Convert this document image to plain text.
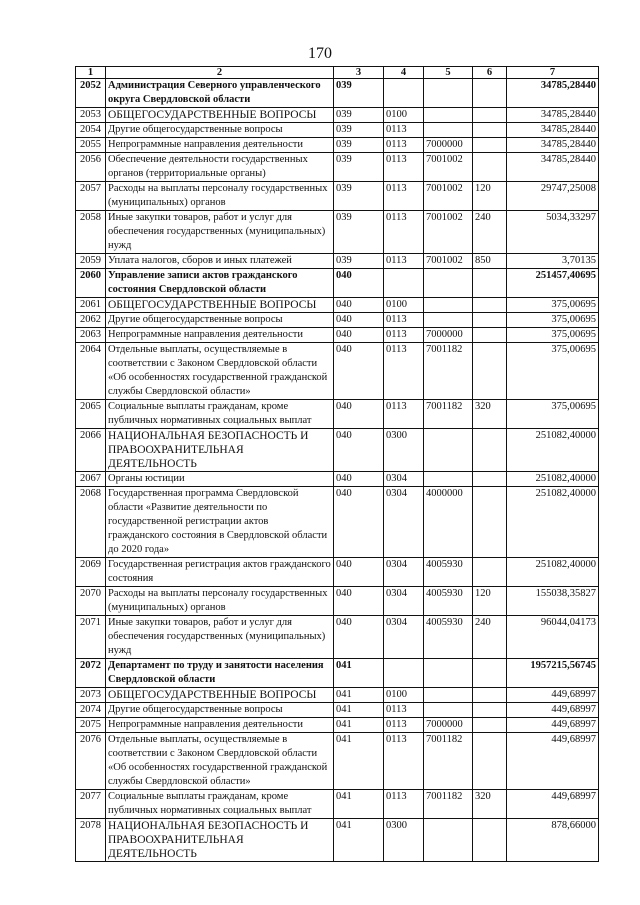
170
1	2	3	4	5	6	7
2052	Администрация Северного управленческого округа Свердловской области	039				34785,28440
2053	ОБЩЕГОСУДАРСТВЕННЫЕ ВОПРОСЫ	039	0100			34785,28440
2054	Другие общегосударственные вопросы	039	0113			34785,28440
2055	Непрограммные направления деятельности	039	0113	7000000		34785,28440
2056	Обеспечение деятельности государственных органов (территориальные органы)	039	0113	7001002		34785,28440
2057	Расходы на выплаты персоналу государственных (муниципальных) органов	039	0113	7001002	120	29747,25008
2058	Иные закупки товаров, работ и услуг для обеспечения государственных (муниципальных) нужд	039	0113	7001002	240	5034,33297
2059	Уплата налогов, сборов и иных платежей	039	0113	7001002	850	3,70135
2060	Управление записи актов гражданского состояния Свердловской области	040				251457,40695
2061	ОБЩЕГОСУДАРСТВЕННЫЕ ВОПРОСЫ	040	0100			375,00695
2062	Другие общегосударственные вопросы	040	0113			375,00695
2063	Непрограммные направления деятельности	040	0113	7000000		375,00695
2064	Отдельные выплаты, осуществляемые в соответствии с Законом Свердловской области «Об особенностях государственной гражданской службы Свердловской области»	040	0113	7001182		375,00695
2065	Социальные выплаты гражданам, кроме публичных нормативных социальных выплат	040	0113	7001182	320	375,00695
2066	НАЦИОНАЛЬНАЯ БЕЗОПАСНОСТЬ И ПРАВООХРАНИТЕЛЬНАЯ ДЕЯТЕЛЬНОСТЬ	040	0300			251082,40000
2067	Органы юстиции	040	0304			251082,40000
2068	Государственная программа Свердловской области «Развитие деятельности по государственной регистрации актов гражданского состояния в Свердловской области до 2020 года»	040	0304	4000000		251082,40000
2069	Государственная регистрация актов гражданского состояния	040	0304	4005930		251082,40000
2070	Расходы на выплаты персоналу государственных (муниципальных) органов	040	0304	4005930	120	155038,35827
2071	Иные закупки товаров, работ и услуг для обеспечения государственных (муниципальных) нужд	040	0304	4005930	240	96044,04173
2072	Департамент по труду и занятости населения Свердловской области	041				1957215,56745
2073	ОБЩЕГОСУДАРСТВЕННЫЕ ВОПРОСЫ	041	0100			449,68997
2074	Другие общегосударственные вопросы	041	0113			449,68997
2075	Непрограммные направления деятельности	041	0113	7000000		449,68997
2076	Отдельные выплаты, осуществляемые в соответствии с Законом Свердловской области «Об особенностях государственной гражданской службы Свердловской области»	041	0113	7001182		449,68997
2077	Социальные выплаты гражданам, кроме публичных нормативных социальных выплат	041	0113	7001182	320	449,68997
2078	НАЦИОНАЛЬНАЯ БЕЗОПАСНОСТЬ И ПРАВООХРАНИТЕЛЬНАЯ ДЕЯТЕЛЬНОСТЬ	041	0300			878,66000
